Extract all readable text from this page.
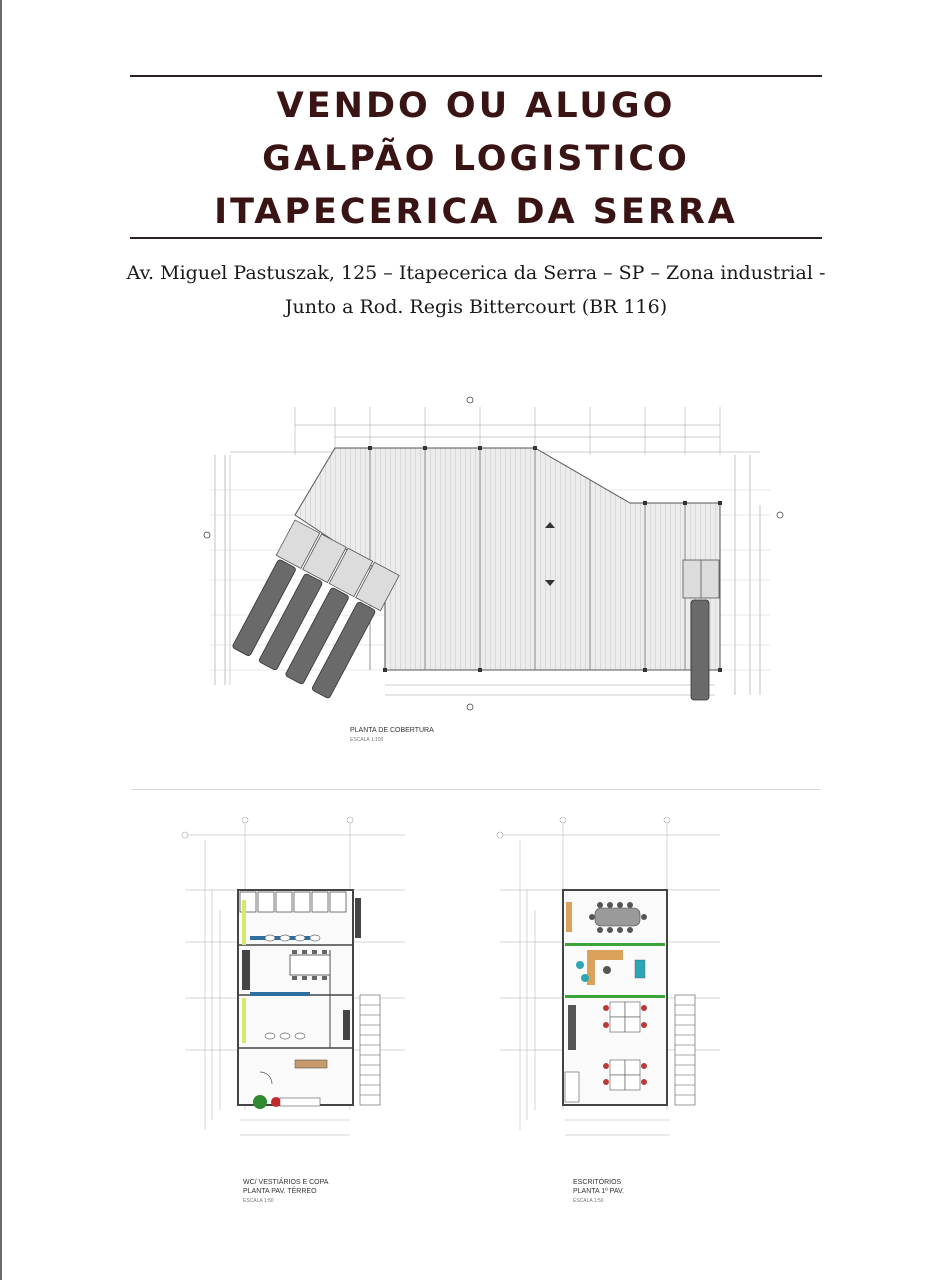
VENDO OU ALUGO
GALPÃO LOGISTICO
ITAPECERICA DA SERRA
Av. Miguel Pastuszak, 125 – Itapecerica da Serra – SP – Zona industrial -
Junto a Rod. Regis Bittercourt (BR 116)
PLANTA DE COBERTURA
ESCALA 1:100
WC/ VESTIÁRIOS E COPA
PLANTA PAV. TÉRREO
ESCALA 1:50
ESCRITÓRIOS
PLANTA 1º PAV.
ESCALA 1:50
